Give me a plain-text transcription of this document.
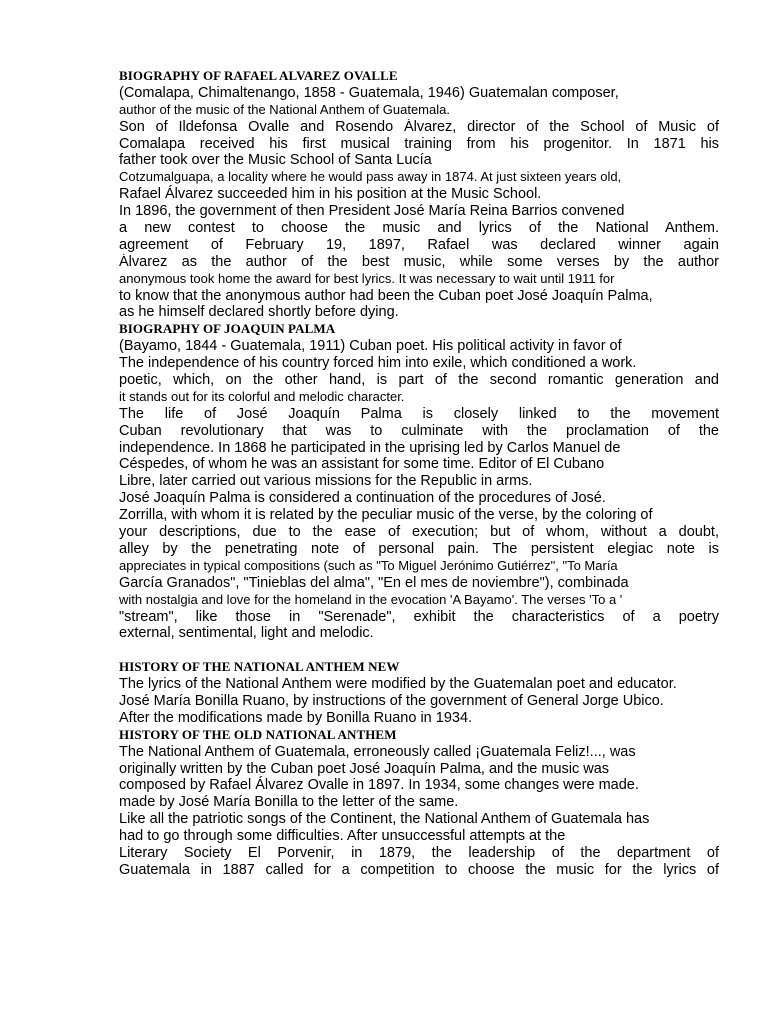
BIOGRAPHY OF RAFAEL ALVAREZ OVALLE
(Comalapa, Chimaltenango, 1858 - Guatemala, 1946) Guatemalan composer,
author of the music of the National Anthem of Guatemala.
Son of Ildefonsa Ovalle and Rosendo Álvarez, director of the School of Music of
Comalapa received his first musical training from his progenitor. In 1871 his
father took over the Music School of Santa Lucía
Cotzumalguapa, a locality where he would pass away in 1874. At just sixteen years old,
Rafael Álvarez succeeded him in his position at the Music School.
In 1896, the government of then President José María Reina Barrios convened
a new contest to choose the music and lyrics of the National Anthem.
agreement of February 19, 1897, Rafael was declared winner again
Álvarez as the author of the best music, while some verses by the author
anonymous took home the award for best lyrics. It was necessary to wait until 1911 for
to know that the anonymous author had been the Cuban poet José Joaquín Palma,
as he himself declared shortly before dying.
BIOGRAPHY OF JOAQUIN PALMA
(Bayamo, 1844 - Guatemala, 1911) Cuban poet. His political activity in favor of
The independence of his country forced him into exile, which conditioned a work.
poetic, which, on the other hand, is part of the second romantic generation and
it stands out for its colorful and melodic character.
The life of José Joaquín Palma is closely linked to the movement
Cuban revolutionary that was to culminate with the proclamation of the
independence. In 1868 he participated in the uprising led by Carlos Manuel de
Céspedes, of whom he was an assistant for some time. Editor of El Cubano
Libre, later carried out various missions for the Republic in arms.
José Joaquín Palma is considered a continuation of the procedures of José.
Zorrilla, with whom it is related by the peculiar music of the verse, by the coloring of
your descriptions, due to the ease of execution; but of whom, without a doubt,
alley by the penetrating note of personal pain. The persistent elegiac note is
appreciates in typical compositions (such as "To Miguel Jerónimo Gutiérrez", "To María
García Granados", "Tinieblas del alma", "En el mes de noviembre"), combinada
with nostalgia and love for the homeland in the evocation 'A Bayamo'. The verses 'To a '
"stream", like those in "Serenade", exhibit the characteristics of a poetry
external, sentimental, light and melodic.
HISTORY OF THE NATIONAL ANTHEM NEW
The lyrics of the National Anthem were modified by the Guatemalan poet and educator.
José María Bonilla Ruano, by instructions of the government of General Jorge Ubico.
After the modifications made by Bonilla Ruano in 1934.
HISTORY OF THE OLD NATIONAL ANTHEM
The National Anthem of Guatemala, erroneously called ¡Guatemala Feliz!..., was
originally written by the Cuban poet José Joaquín Palma, and the music was
composed by Rafael Álvarez Ovalle in 1897. In 1934, some changes were made.
made by José María Bonilla to the letter of the same.
Like all the patriotic songs of the Continent, the National Anthem of Guatemala has
had to go through some difficulties. After unsuccessful attempts at the
Literary Society El Porvenir, in 1879, the leadership of the department of
Guatemala in 1887 called for a competition to choose the music for the lyrics of
